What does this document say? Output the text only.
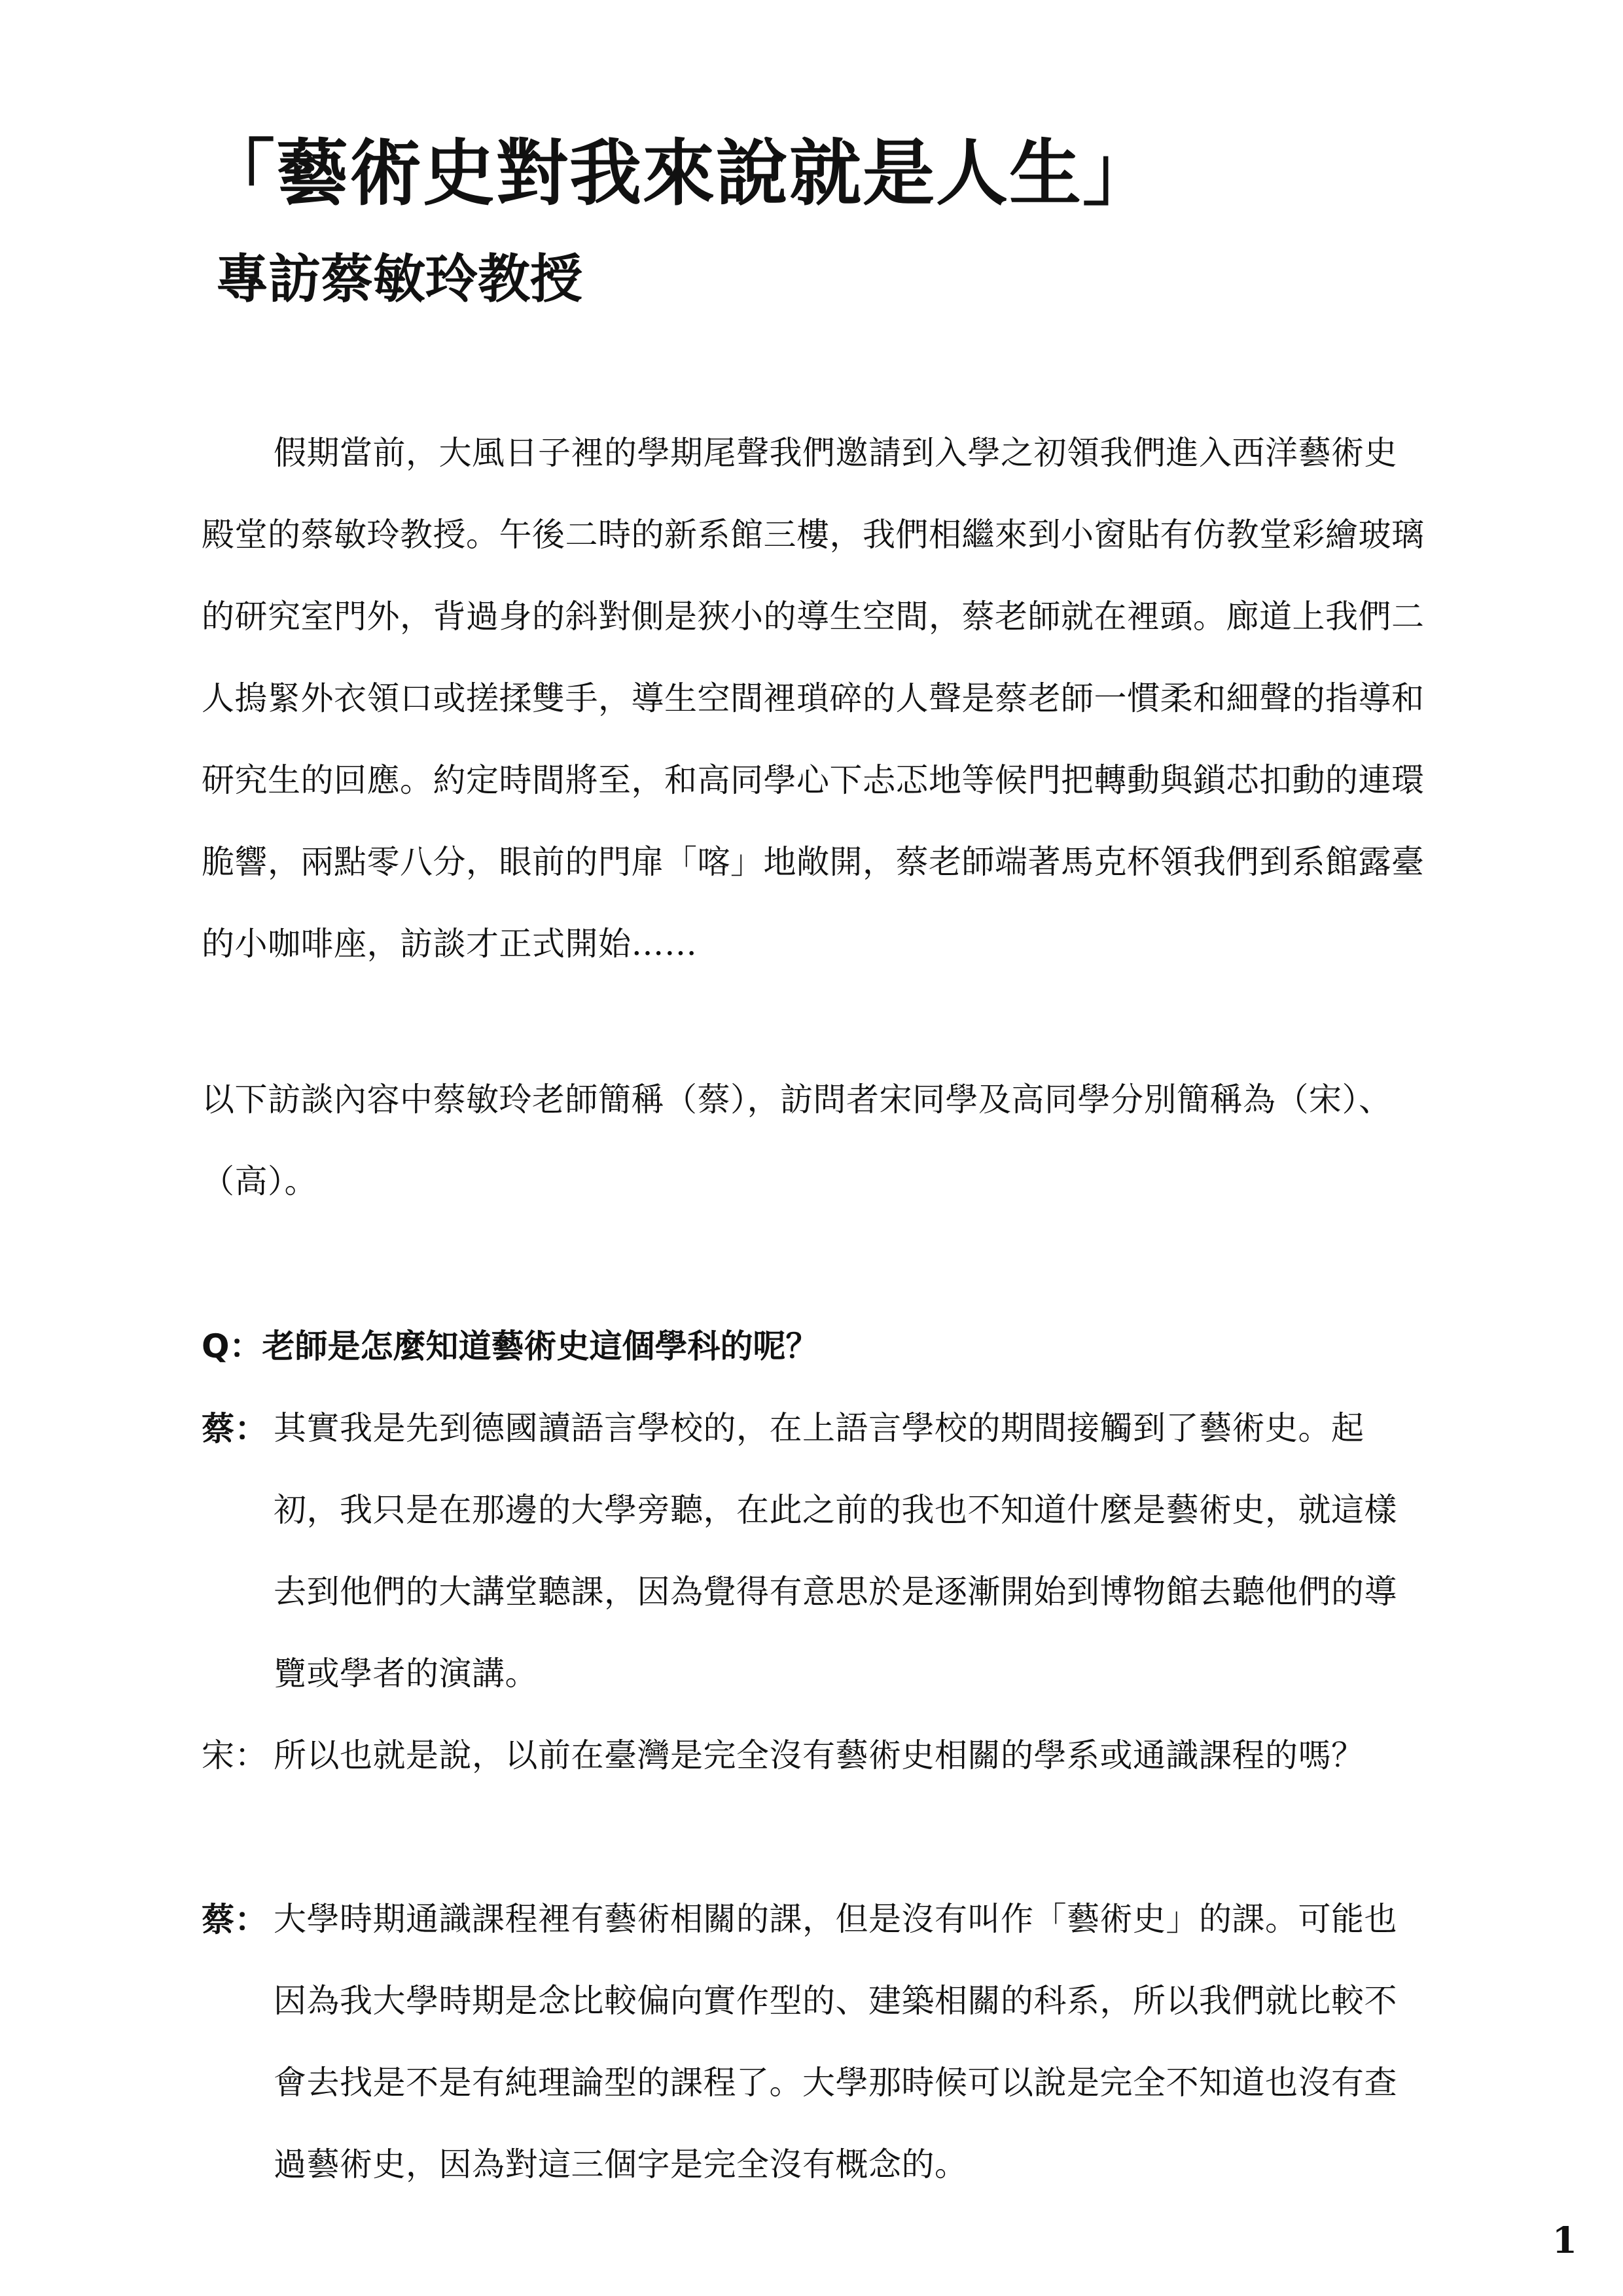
「藝術史對我來說就是人生」
專訪蔡敏玲教授

假期當前，大風日子裡的學期尾聲我們邀請到入學之初領我們進入西洋藝術史殿堂的蔡敏玲教授。午後二時的新系館三樓，我們相繼來到小窗貼有仿教堂彩繪玻璃的研究室門外，背過身的斜對側是狹小的導生空間，蔡老師就在裡頭。廊道上我們二人摀緊外衣領口或搓揉雙手，導生空間裡瑣碎的人聲是蔡老師一慣柔和細聲的指導和研究生的回應。約定時間將至，和高同學心下忐忑地等候門把轉動與鎖芯扣動的連環脆響，兩點零八分，眼前的門扉「喀」地敞開，蔡老師端著馬克杯領我們到系館露臺的小咖啡座，訪談才正式開始……

以下訪談內容中蔡敏玲老師簡稱（蔡），訪問者宋同學及高同學分別簡稱為（宋）、（高）。

Q：老師是怎麼知道藝術史這個學科的呢？
蔡： 其實我是先到德國讀語言學校的，在上語言學校的期間接觸到了藝術史。起初，我只是在那邊的大學旁聽，在此之前的我也不知道什麼是藝術史，就這樣去到他們的大講堂聽課，因為覺得有意思於是逐漸開始到博物館去聽他們的導覽或學者的演講。
宋： 所以也就是說，以前在臺灣是完全沒有藝術史相關的學系或通識課程的嗎？
蔡： 大學時期通識課程裡有藝術相關的課，但是沒有叫作「藝術史」的課。可能也因為我大學時期是念比較偏向實作型的、建築相關的科系，所以我們就比較不會去找是不是有純理論型的課程了。大學那時候可以說是完全不知道也沒有查過藝術史，因為對這三個字是完全沒有概念的。
1
